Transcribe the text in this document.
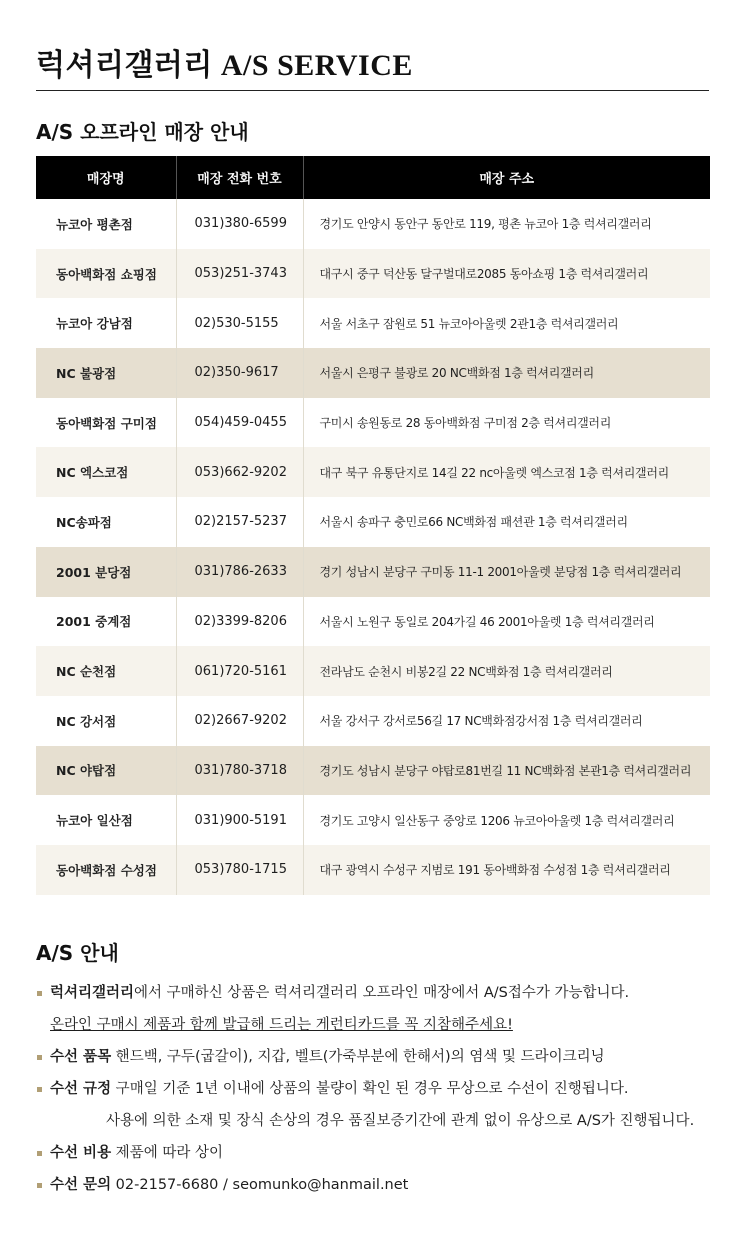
럭셔리갤러리 A/S SERVICE
A/S 오프라인 매장 안내
매장명	매장 전화 번호	매장 주소
뉴코아 평촌점	031)380-6599	경기도 안양시 동안구 동안로 119, 평촌 뉴코아 1층 럭셔리갤러리
동아백화점 쇼핑점	053)251-3743	대구시 중구 덕산동 달구벌대로2085 동아쇼핑 1층 럭셔리갤러리
뉴코아 강남점	02)530-5155	서울 서초구 잠원로 51 뉴코아아울렛 2관1층 럭셔리갤러리
NC 불광점	02)350-9617	서울시 은평구 불광로 20 NC백화점 1층 럭셔리갤러리
동아백화점 구미점	054)459-0455	구미시 송원동로 28 동아백화점 구미점 2층 럭셔리갤러리
NC 엑스코점	053)662-9202	대구 북구 유통단지로 14길 22 nc아울렛 엑스코점 1층 럭셔리갤러리
NC송파점	02)2157-5237	서울시 송파구 충민로66 NC백화점 패션관 1층 럭셔리갤러리
2001 분당점	031)786-2633	경기 성남시 분당구 구미동 11-1 2001아울렛 분당점 1층 럭셔리갤러리
2001 중계점	02)3399-8206	서울시 노원구 동일로 204가길 46 2001아울렛 1층 럭셔리갤러리
NC 순천점	061)720-5161	전라남도 순천시 비봉2길 22 NC백화점 1층 럭셔리갤러리
NC 강서점	02)2667-9202	서울 강서구 강서로56길 17 NC백화점강서점 1층 럭셔리갤러리
NC 야탑점	031)780-3718	경기도 성남시 분당구 야탑로81번길 11 NC백화점 본관1층 럭셔리갤러리
뉴코아 일산점	031)900-5191	경기도 고양시 일산동구 중앙로 1206 뉴코아아울렛 1층 럭셔리갤러리
동아백화점 수성점	053)780-1715	대구 광역시 수성구 지범로 191 동아백화점 수성점 1층 럭셔리갤러리
A/S 안내
럭셔리갤러리에서 구매하신 상품은 럭셔리갤러리 오프라인 매장에서 A/S접수가 가능합니다.
온라인 구매시 제품과 함께 발급해 드리는 게런티카드를 꼭 지참해주세요!
수선 품목 핸드백, 구두(굽갈이), 지갑, 벨트(가죽부분에 한해서)의 염색 및 드라이크리닝
수선 규정 구매일 기준 1년 이내에 상품의 불량이 확인 된 경우 무상으로 수선이 진행됩니다.
사용에 의한 소재 및 장식 손상의 경우 품질보증기간에 관계 없이 유상으로 A/S가 진행됩니다.
수선 비용 제품에 따라 상이
수선 문의 02-2157-6680 / seomunko@hanmail.net
